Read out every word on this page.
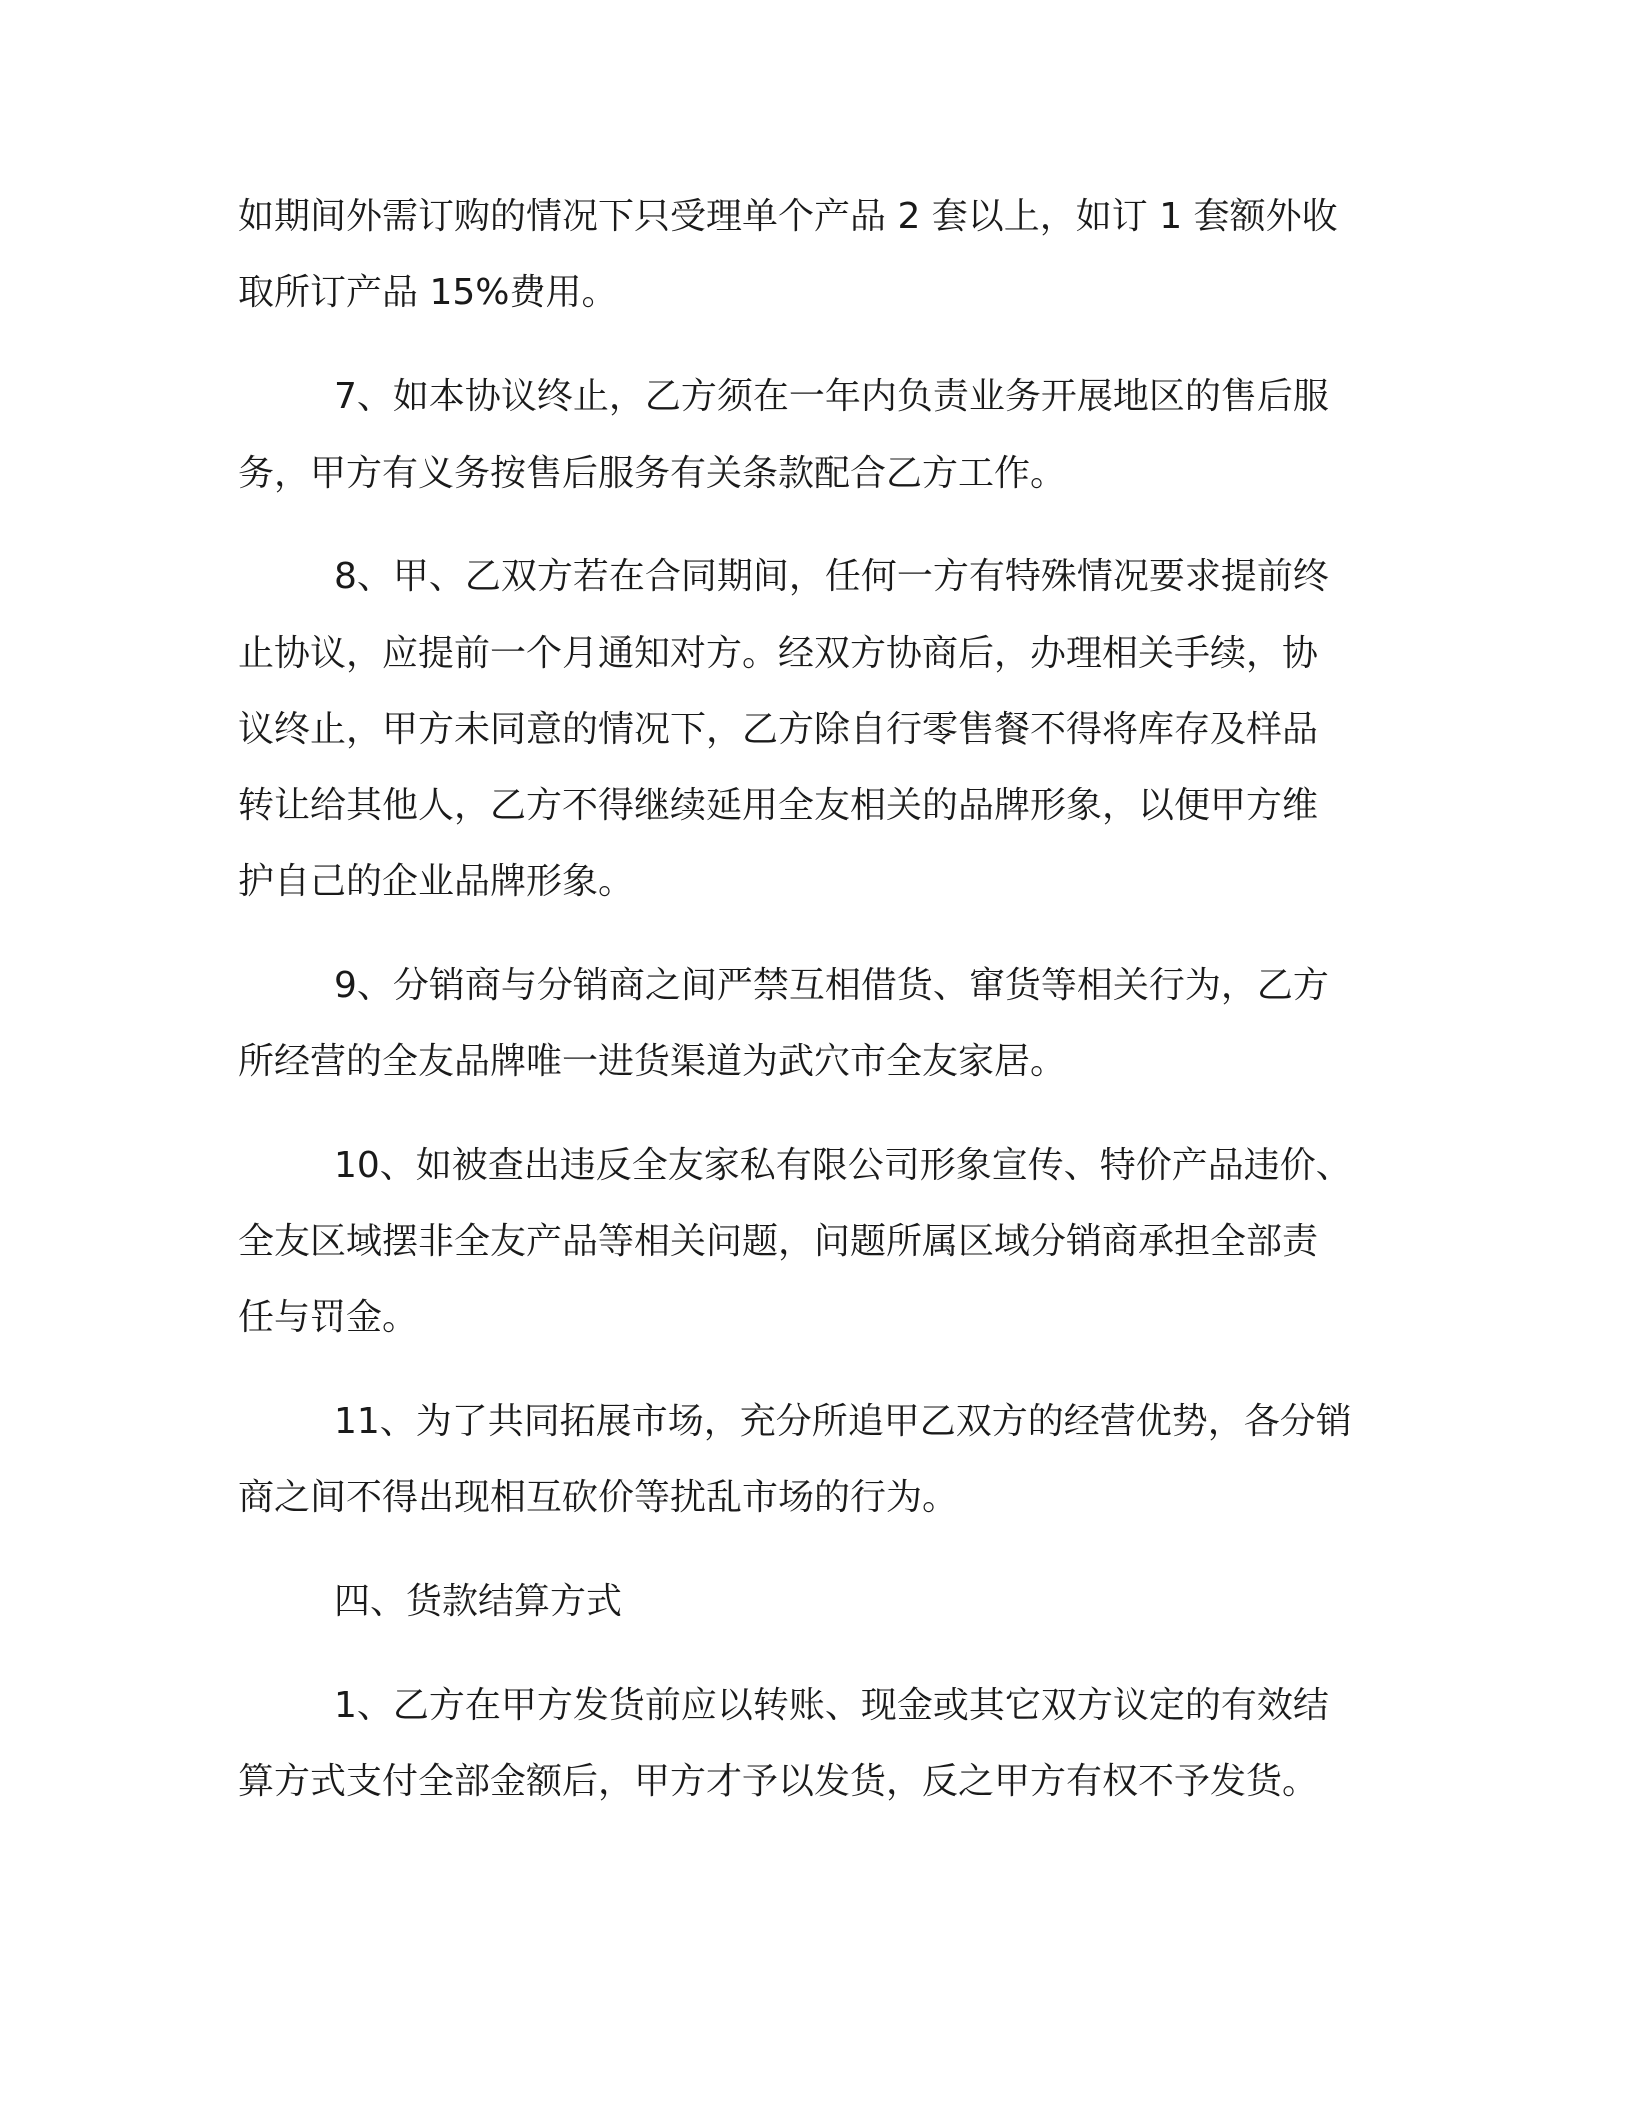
如期间外需订购的情况下只受理单个产品 2 套以上，如订 1 套额外收

取所订产品 15%费用。

7、如本协议终止，乙方须在一年内负责业务开展地区的售后服

务，甲方有义务按售后服务有关条款配合乙方工作。

8、甲、乙双方若在合同期间，任何一方有特殊情况要求提前终

止协议，应提前一个月通知对方。经双方协商后，办理相关手续，协

议终止，甲方未同意的情况下，乙方除自行零售餐不得将库存及样品

转让给其他人，乙方不得继续延用全友相关的品牌形象，以便甲方维

护自己的企业品牌形象。

9、分销商与分销商之间严禁互相借货、窜货等相关行为，乙方

所经营的全友品牌唯一进货渠道为武穴市全友家居。

10、如被查出违反全友家私有限公司形象宣传、特价产品违价、

全友区域摆非全友产品等相关问题，问题所属区域分销商承担全部责

任与罚金。

11、为了共同拓展市场，充分所追甲乙双方的经营优势，各分销

商之间不得出现相互砍价等扰乱市场的行为。

四、货款结算方式

1、乙方在甲方发货前应以转账、现金或其它双方议定的有效结

算方式支付全部金额后，甲方才予以发货，反之甲方有权不予发货。
